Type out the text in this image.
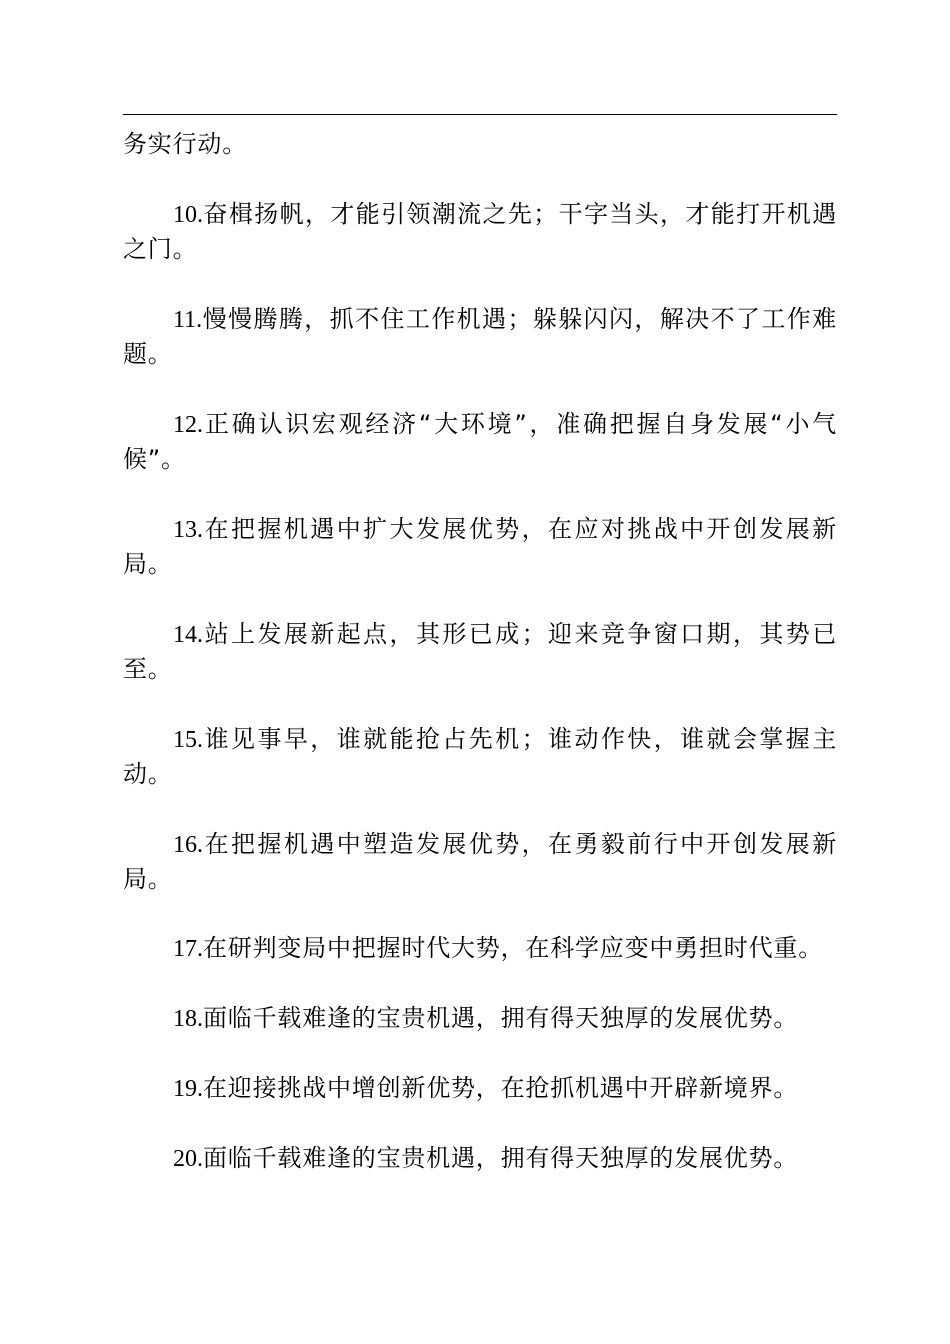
务实行动。

10.奋楫扬帆，才能引领潮流之先；干字当头，才能打开机遇之门。

11.慢慢腾腾，抓不住工作机遇；躲躲闪闪，解决不了工作难题。

12.正确认识宏观经济“大环境”，准确把握自身发展“小气候”。

13.在把握机遇中扩大发展优势，在应对挑战中开创发展新局。

14.站上发展新起点，其形已成；迎来竞争窗口期，其势已至。

15.谁见事早，谁就能抢占先机；谁动作快，谁就会掌握主动。

16.在把握机遇中塑造发展优势，在勇毅前行中开创发展新局。

17.在研判变局中把握时代大势，在科学应变中勇担时代重。

18.面临千载难逢的宝贵机遇，拥有得天独厚的发展优势。

19.在迎接挑战中增创新优势，在抢抓机遇中开辟新境界。

20.面临千载难逢的宝贵机遇，拥有得天独厚的发展优势。
